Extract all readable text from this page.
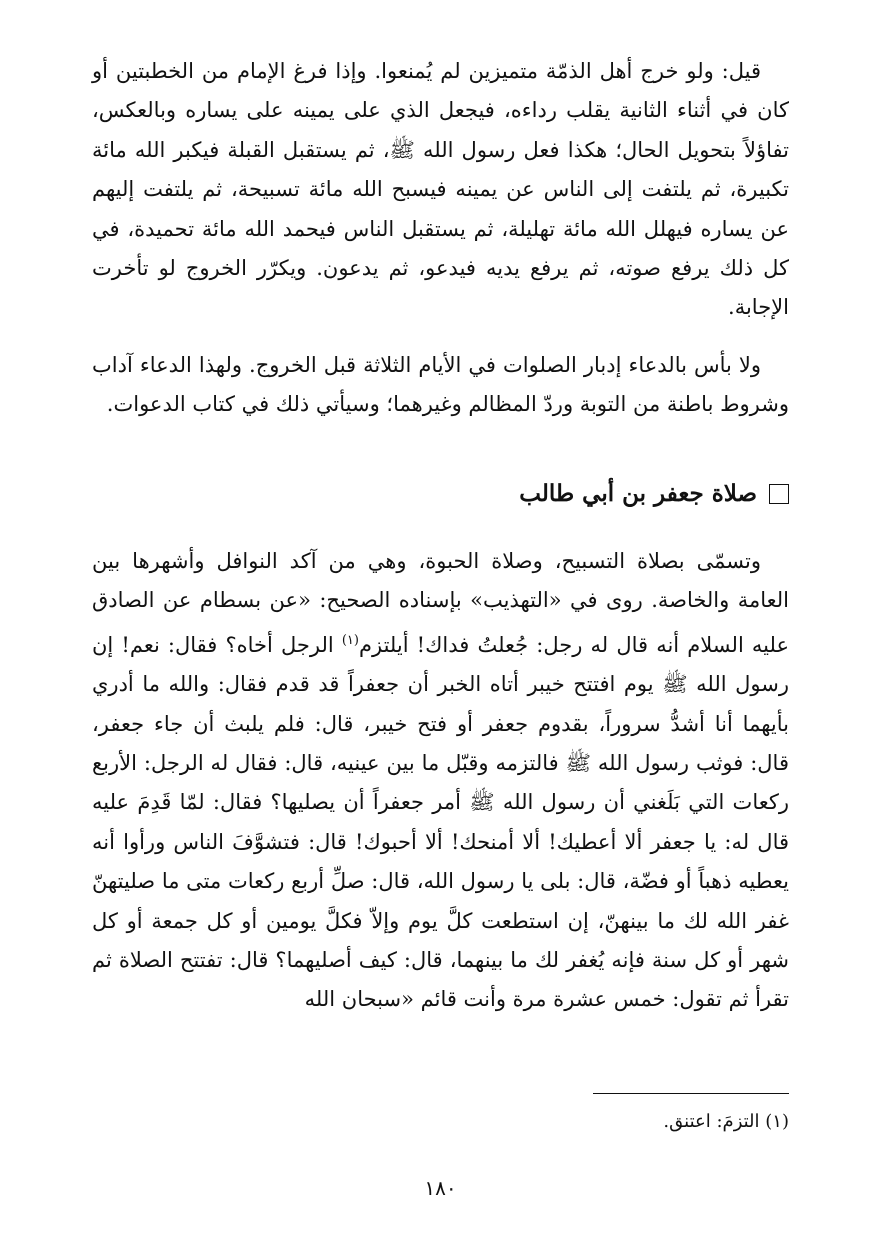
قيل: ولو خرج أهل الذمّة متميزين لم يُمنعوا. وإذا فرغ الإمام من الخطبتين أو كان في أثناء الثانية يقلب رداءه، فيجعل الذي على يمينه على يساره وبالعكس، تفاؤلاً بتحويل الحال؛ هكذا فعل رسول الله ﷺ، ثم يستقبل القبلة فيكبر الله مائة تكبيرة، ثم يلتفت إلى الناس عن يمينه فيسبح الله مائة تسبيحة، ثم يلتفت إليهم عن يساره فيهلل الله مائة تهليلة، ثم يستقبل الناس فيحمد الله مائة تحميدة، في كل ذلك يرفع صوته، ثم يرفع يديه فيدعو، ثم يدعون. ويكرّر الخروج لو تأخرت الإجابة.

ولا بأس بالدعاء إدبار الصلوات في الأيام الثلاثة قبل الخروج. ولهذا الدعاء آداب وشروط باطنة من التوبة وردّ المظالم وغيرهما؛ وسيأتي ذلك في كتاب الدعوات.

صلاة جعفر بن أبي طالب

وتسمّى بصلاة التسبيح، وصلاة الحبوة، وهي من آكد النوافل وأشهرها بين العامة والخاصة. روى في «التهذيب» بإسناده الصحيح: «عن بسطام عن الصادق عليه السلام أنه قال له رجل: جُعلتُ فداك! أيلتزم$^{(١)}$ الرجل أخاه؟ فقال: نعم! إن رسول الله ﷺ يوم افتتح خيبر أتاه الخبر أن جعفراً قد قدم فقال: والله ما أدري بأيهما أنا أشدُّ سروراً، بقدوم جعفر أو فتح خيبر، قال: فلم يلبث أن جاء جعفر، قال: فوثب رسول الله ﷺ فالتزمه وقبّل ما بين عينيه، قال: فقال له الرجل: الأربع ركعات التي بَلَغني أن رسول الله ﷺ أمر جعفراً أن يصليها؟ فقال: لمّا قَدِمَ عليه قال له: يا جعفر ألا أعطيك! ألا أمنحك! ألا أحبوك! قال: فتشوَّفَ الناس ورأوا أنه يعطيه ذهباً أو فضّة، قال: بلى يا رسول الله، قال: صلِّ أربع ركعات متى ما صليتهنّ غفر الله لك ما بينهنّ، إن استطعت كلَّ يوم وإلاّ فكلَّ يومين أو كل جمعة أو كل شهر أو كل سنة فإنه يُغفر لك ما بينهما، قال: كيف أصليهما؟ قال: تفتتح الصلاة ثم تقرأ ثم تقول: خمس عشرة مرة وأنت قائم «سبحان الله

(١) التزمَ: اعتنق.
١٨٠
